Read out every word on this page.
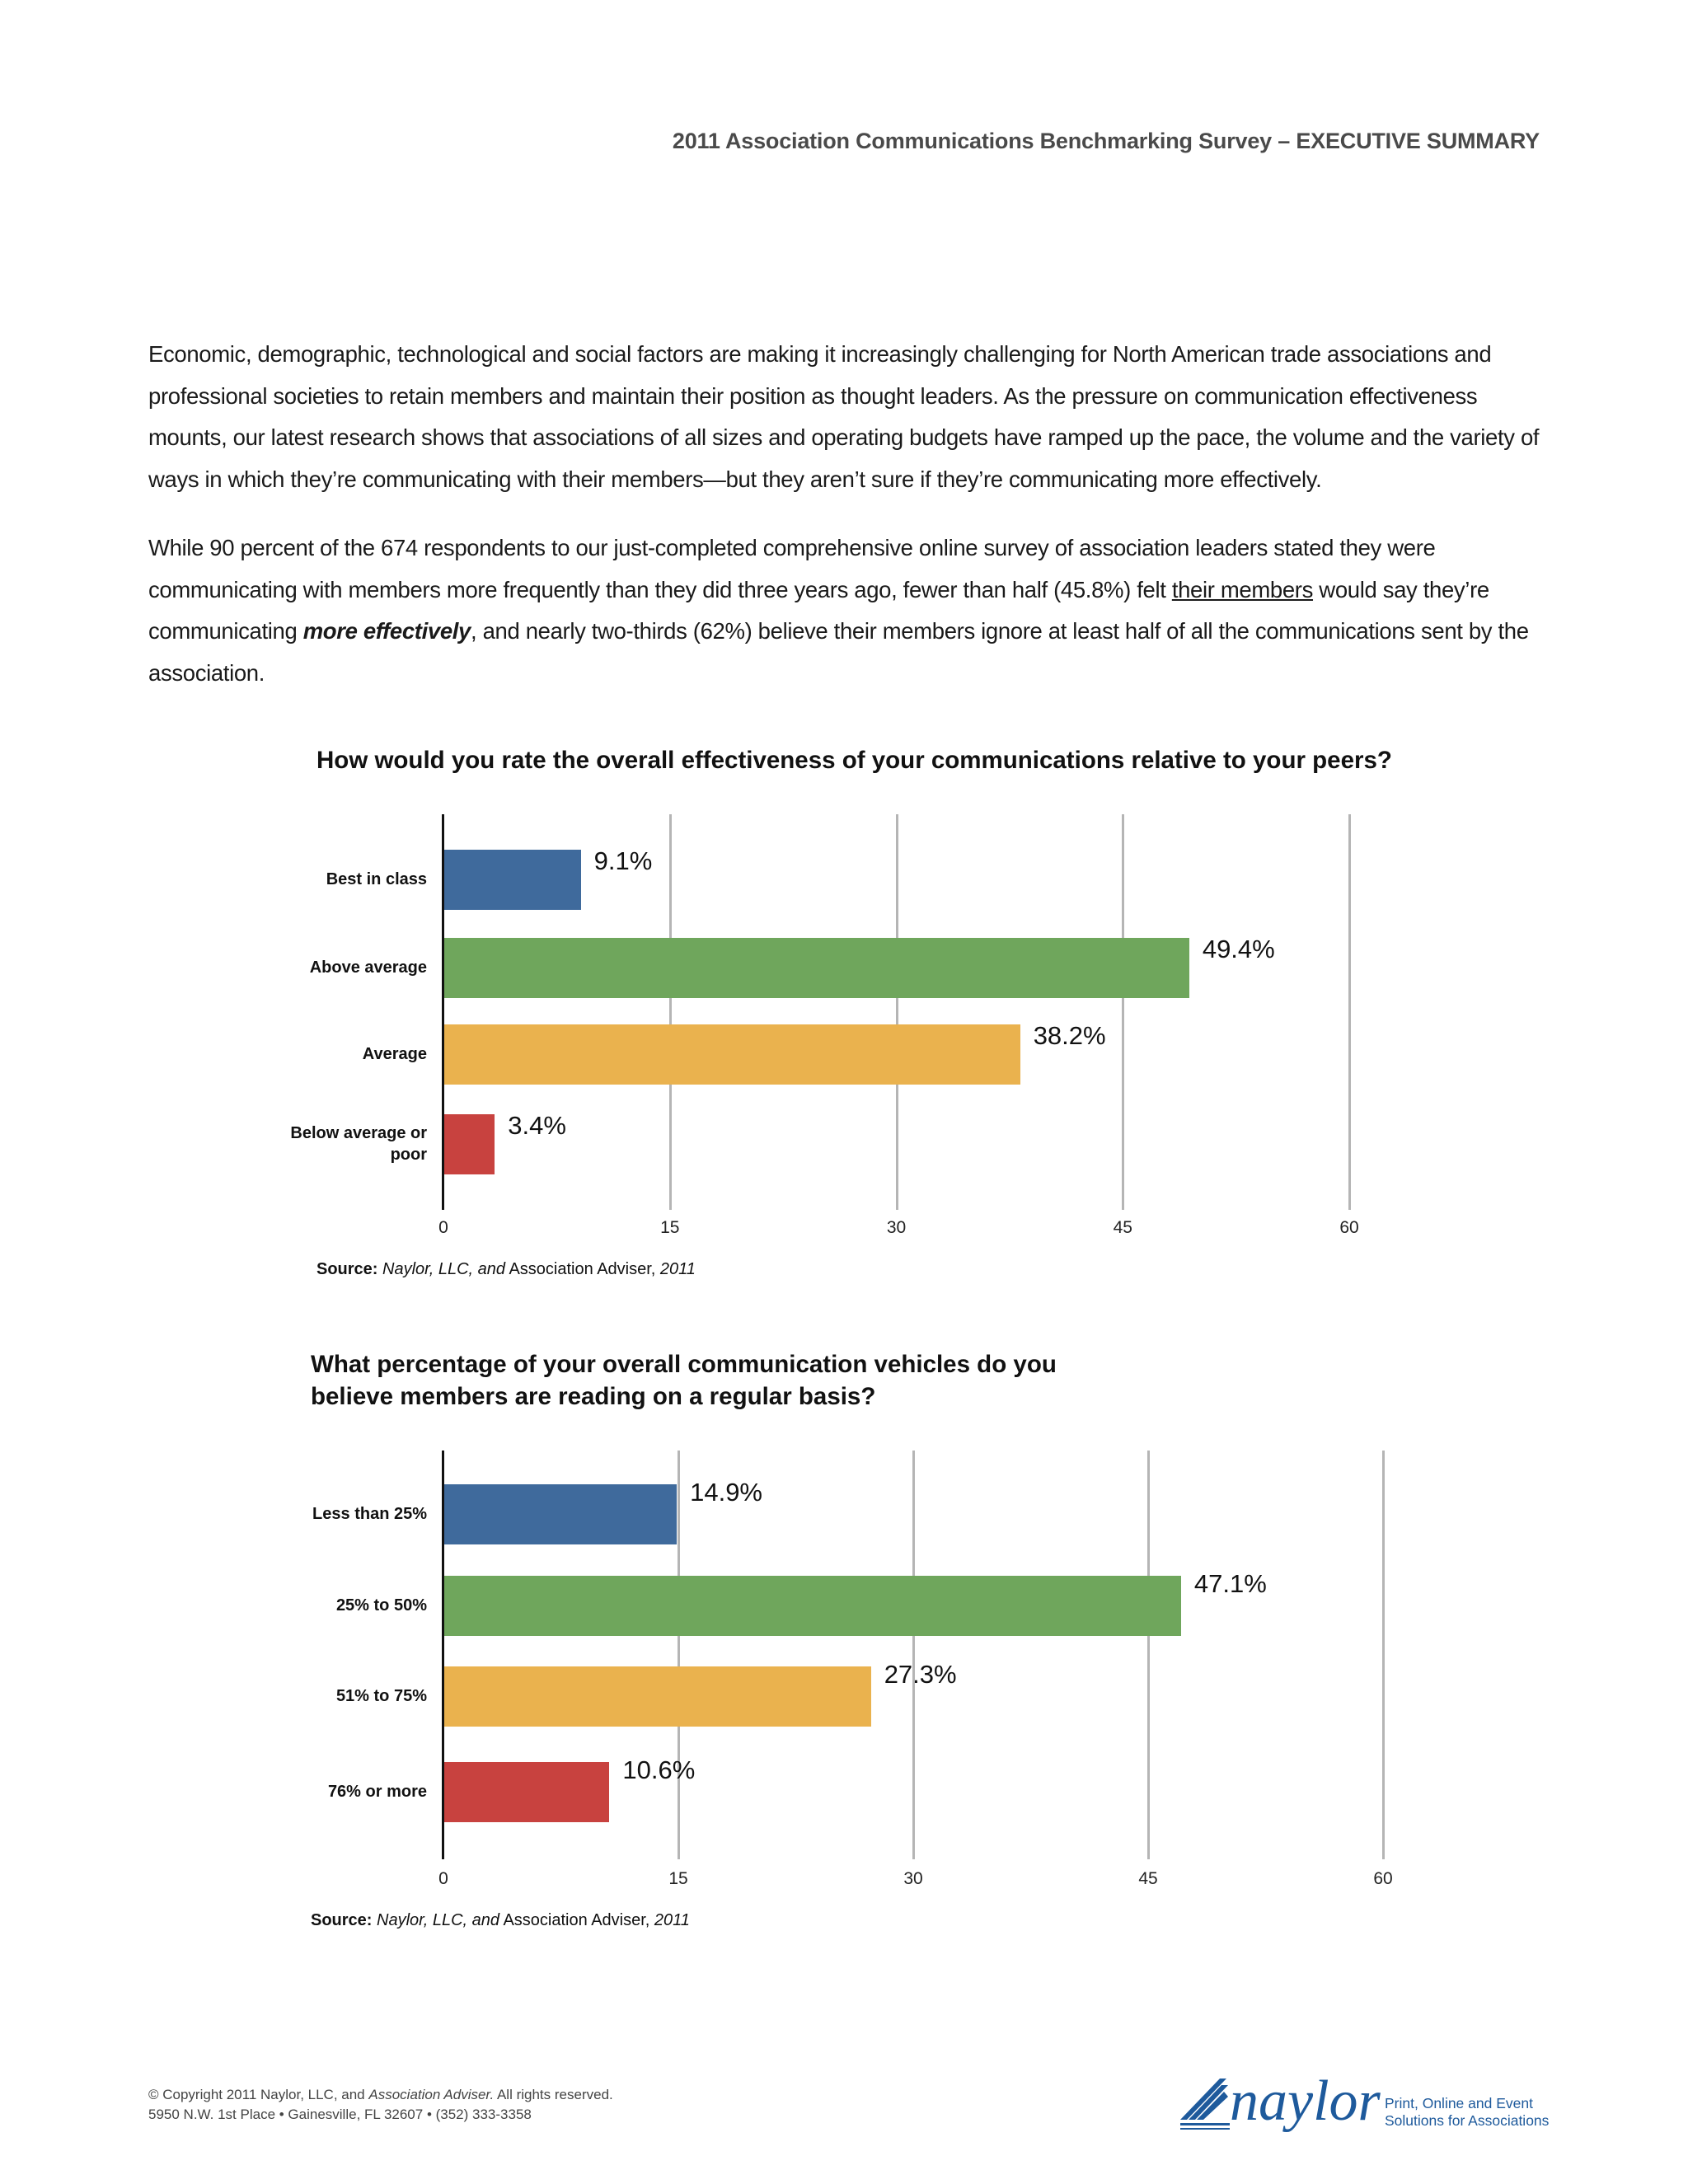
2011 Association Communications Benchmarking Survey – EXECUTIVE SUMMARY

Economic, demographic, technological and social factors are making it increasingly challenging for North American trade associations and professional societies to retain members and maintain their position as thought leaders. As the pressure on communication effectiveness mounts, our latest research shows that associations of all sizes and operating budgets have ramped up the pace, the volume and the variety of ways in which they’re communicating with their members—but they aren’t sure if they’re communicating more effectively.

While 90 percent of the 674 respondents to our just-completed comprehensive online survey of association leaders stated they were communicating with members more frequently than they did three years ago, fewer than half (45.8%) felt their members would say they’re communicating more effectively, and nearly two-thirds (62%) believe their members ignore at least half of all the communications sent by the association.

How would you rate the overall effectiveness of your communications relative to your peers?
0	15	30	45	60
9.1%
Best in class
49.4%
Above average
38.2%
Average
3.4%
Below average or poor
Source: Naylor, LLC, and Association Adviser, 2011
What percentage of your overall communication vehicles do you
believe members are reading on a regular basis?
0	15	30	45	60
14.9%
Less than 25%
47.1%
25% to 50%
27.3%
51% to 75%
10.6%
76% or more
Source: Naylor, LLC, and Association Adviser, 2011
© Copyright 2011 Naylor, LLC, and Association Adviser. All rights reserved.
5950 N.W. 1st Place • Gainesville, FL 32607 • (352) 333-3358	naylor Print, Online and Event
Solutions for Associations
